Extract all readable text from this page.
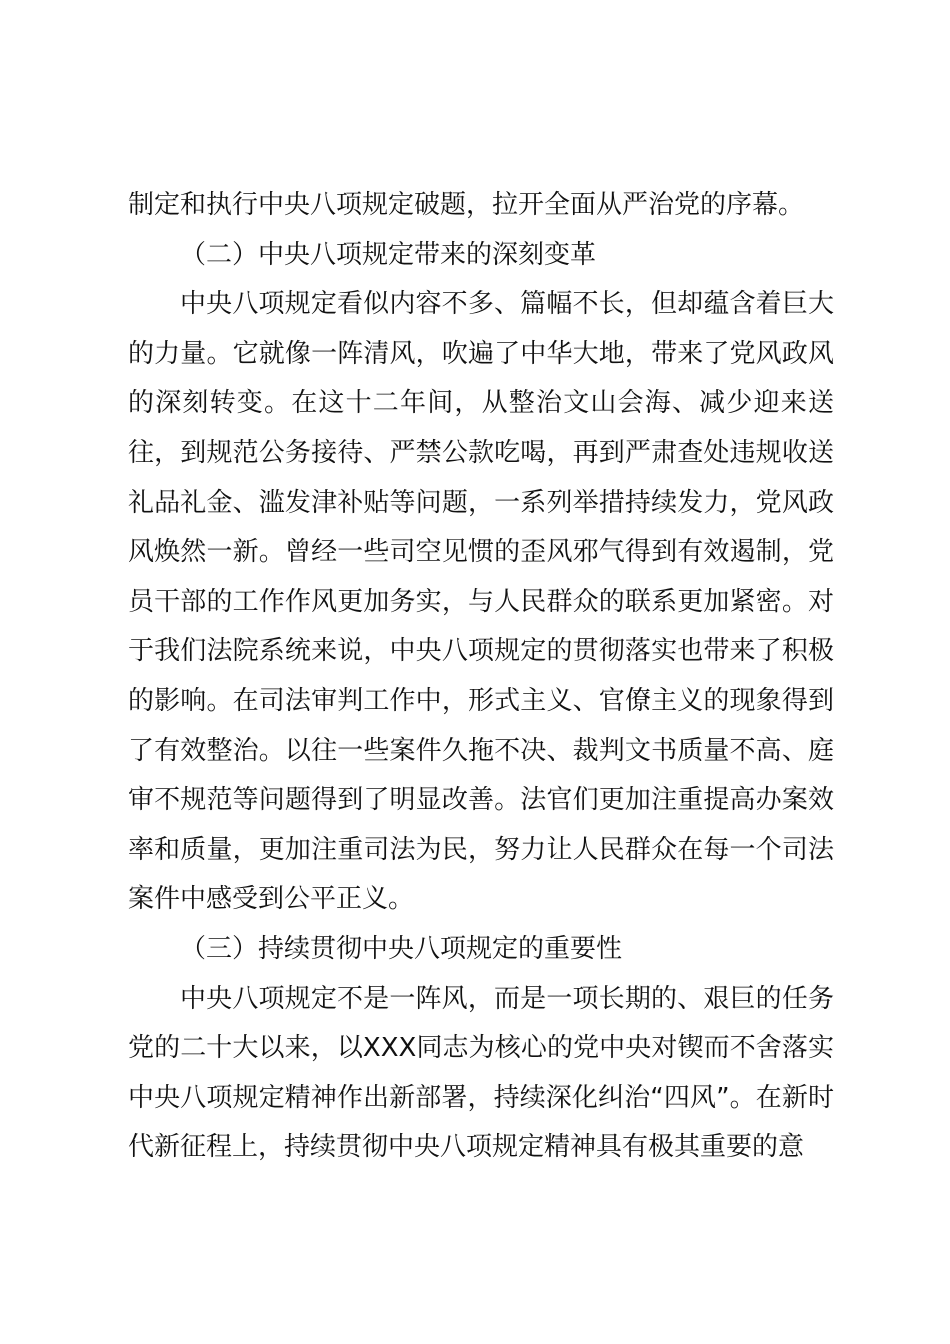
制定和执行中央八项规定破题，拉开全面从严治党的序幕。

（二）中央八项规定带来的深刻变革

中央八项规定看似内容不多、篇幅不长，但却蕴含着巨大的力量。它就像一阵清风，吹遍了中华大地，带来了党风政风的深刻转变。在这十二年间，从整治文山会海、减少迎来送往，到规范公务接待、严禁公款吃喝，再到严肃查处违规收送礼品礼金、滥发津补贴等问题，一系列举措持续发力，党风政风焕然一新。曾经一些司空见惯的歪风邪气得到有效遏制，党员干部的工作作风更加务实，与人民群众的联系更加紧密。对于我们法院系统来说，中央八项规定的贯彻落实也带来了积极的影响。在司法审判工作中，形式主义、官僚主义的现象得到了有效整治。以往一些案件久拖不决、裁判文书质量不高、庭审不规范等问题得到了明显改善。法官们更加注重提高办案效率和质量，更加注重司法为民，努力让人民群众在每一个司法案件中感受到公平正义。

（三）持续贯彻中央八项规定的重要性

中央八项规定不是一阵风，而是一项长期的、艰巨的任务党的二十大以来，以XXX同志为核心的党中央对锲而不舍落实中央八项规定精神作出新部署，持续深化纠治“四风”。在新时代新征程上，持续贯彻中央八项规定精神具有极其重要的意
